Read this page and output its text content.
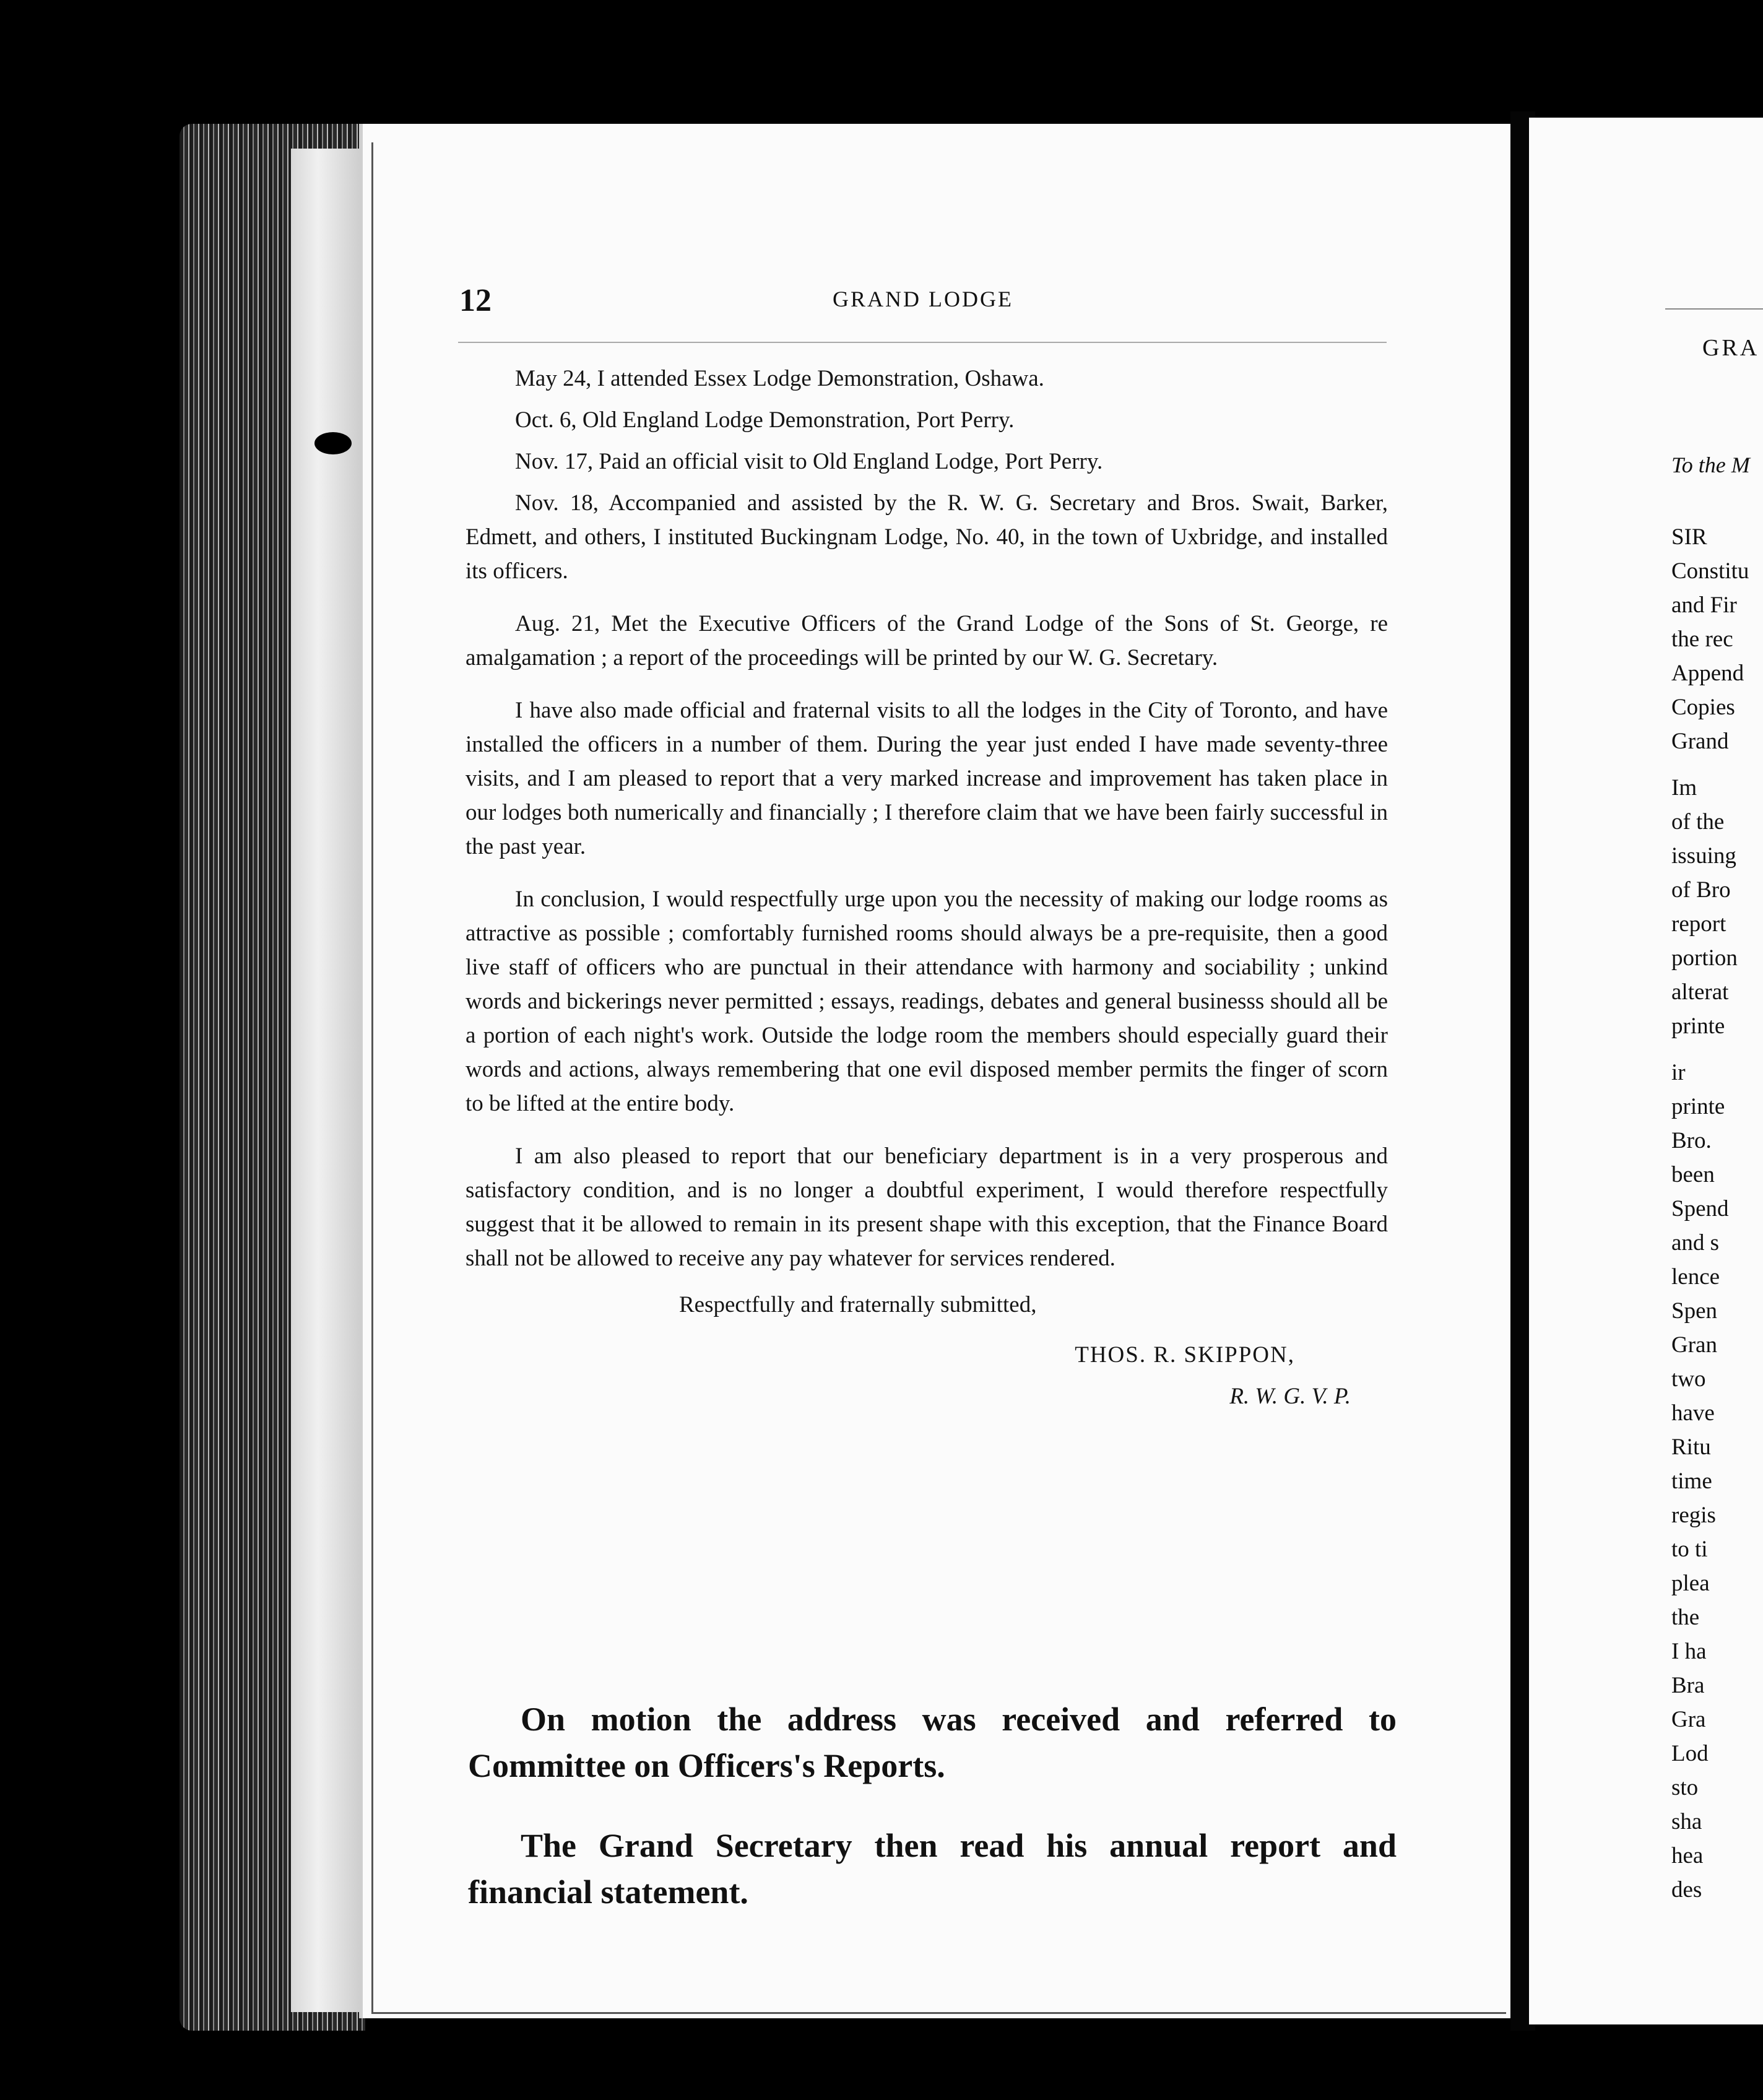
12	GRAND LODGE

May 24, I attended Essex Lodge Demonstration, Oshawa.

Oct. 6, Old England Lodge Demonstration, Port Perry.

Nov. 17, Paid an official visit to Old England Lodge, Port Perry.

Nov. 18, Accompanied and assisted by the R. W. G. Secretary and Bros. Swait, Barker, Edmett, and others, I instituted Buckingnam Lodge, No. 40, in the town of Uxbridge, and installed its officers.

Aug. 21, Met the Executive Officers of the Grand Lodge of the Sons of St. George, re amalgamation ; a report of the proceedings will be printed by our W. G. Secretary.

I have also made official and fraternal visits to all the lodges in the City of Toronto, and have installed the officers in a number of them. During the year just ended I have made seventy-three visits, and I am pleased to report that a very marked increase and improvement has taken place in our lodges both numerically and financially ; I therefore claim that we have been fairly successful in the past year.

In conclusion, I would respectfully urge upon you the necessity of making our lodge rooms as attractive as possible ; comfortably furnished rooms should always be a pre-requisite, then a good live staff of officers who are punctual in their attendance with harmony and sociability ; unkind words and bickerings never permitted ; essays, readings, debates and general businesss should all be a portion of each night's work. Outside the lodge room the members should especially guard their words and actions, always remembering that one evil disposed member permits the finger of scorn to be lifted at the entire body.

I am also pleased to report that our beneficiary department is in a very prosperous and satisfactory condition, and is no longer a doubtful experiment, I would therefore respectfully suggest that it be allowed to remain in its present shape with this exception, that the Finance Board shall not be allowed to receive any pay whatever for services rendered.

Respectfully and fraternally submitted,

THOS. R. SKIPPON,

R. W. G. V. P.

On motion the address was received and referred to Committee on Officers's Reports.

The Grand Secretary then read his annual report and financial statement.

GRA
To the M
SIR
Constitu
and Fir
the rec
Append
Copies
Grand
Im
of the
issuing
of Bro
report
portion
alterat
printe
ir
printe
Bro.
been
Spend
and s
lence
Spen
Gran
two
have
Ritu
time
regis
to ti
plea
the
I ha
Bra
Gra
Lod
sto
sha
hea
des
